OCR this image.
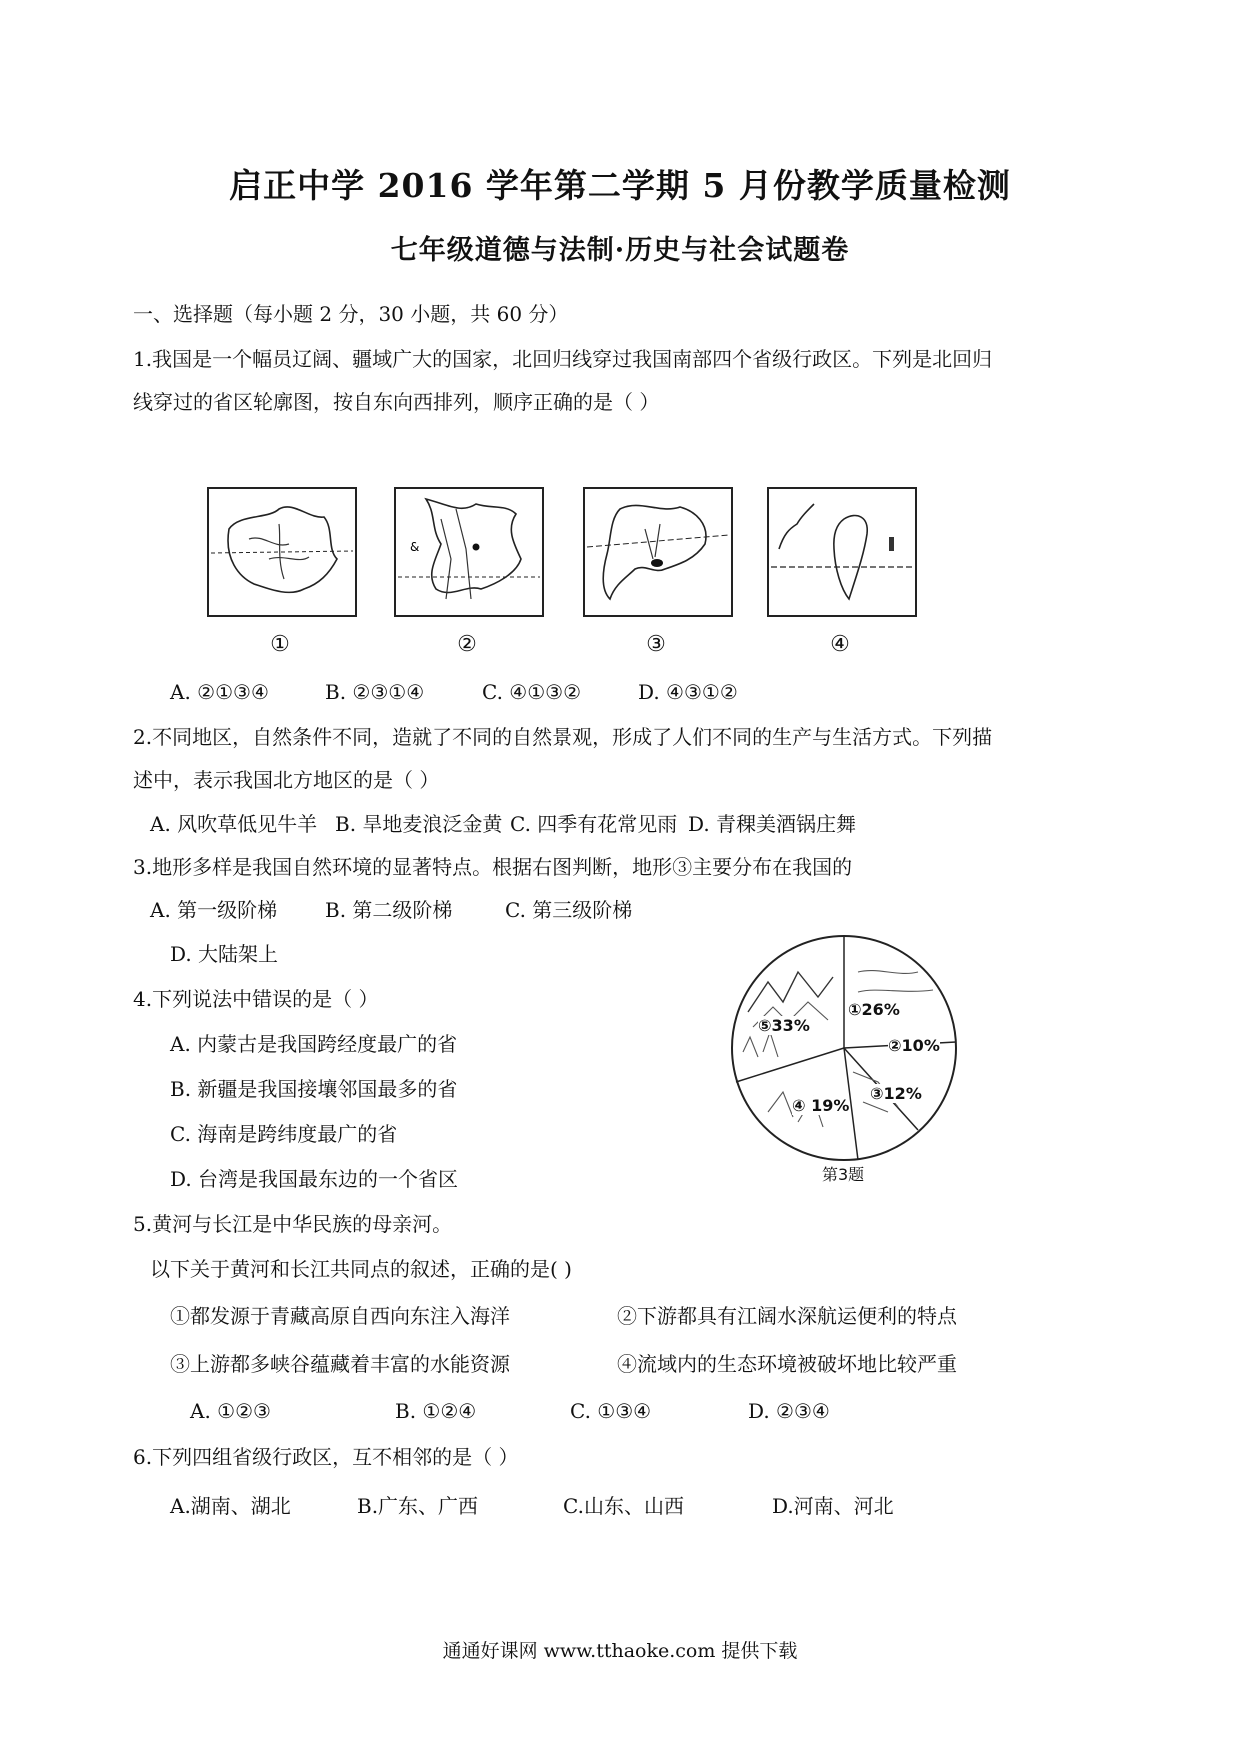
启正中学 2016 学年第二学期 5 月份教学质量检测
七年级道德与法制·历史与社会试题卷
一、选择题（每小题 2 分，30 小题，共 60 分）
1.我国是一个幅员辽阔、疆域广大的国家，北回归线穿过我国南部四个省级行政区。下列是北回归
线穿过的省区轮廓图，按自东向西排列，顺序正确的是（ ）
&
①	②	③	④
A. ②①③④	B. ②③①④	C. ④①③②	D. ④③①②
2.不同地区，自然条件不同，造就了不同的自然景观，形成了人们不同的生产与生活方式。下列描
述中，表示我国北方地区的是（ ）
A. 风吹草低见牛羊 B. 旱地麦浪泛金黄 C. 四季有花常见雨 D. 青稞美酒锅庄舞
3.地形多样是我国自然环境的显著特点。根据右图判断，地形③主要分布在我国的
A. 第一级阶梯 B. 第二级阶梯	C. 第三级阶梯
D. 大陆架上
①26%
②10%
③12%
④ 19%
⑤33%
第3题
4.下列说法中错误的是（ ）
A. 内蒙古是我国跨经度最广的省
B. 新疆是我国接壤邻国最多的省
C. 海南是跨纬度最广的省
D. 台湾是我国最东边的一个省区
5.黄河与长江是中华民族的母亲河。
以下关于黄河和长江共同点的叙述，正确的是( )
①都发源于青藏高原自西向东注入海洋	②下游都具有江阔水深航运便利的特点
③上游都多峡谷蕴藏着丰富的水能资源	④流域内的生态环境被破坏地比较严重
A. ①②③	B. ①②④	C. ①③④	D. ②③④
6.下列四组省级行政区，互不相邻的是（ ）
A.湖南、湖北	B.广东、广西	C.山东、山西	D.河南、河北
通通好课网 www.tthaoke.com 提供下载
